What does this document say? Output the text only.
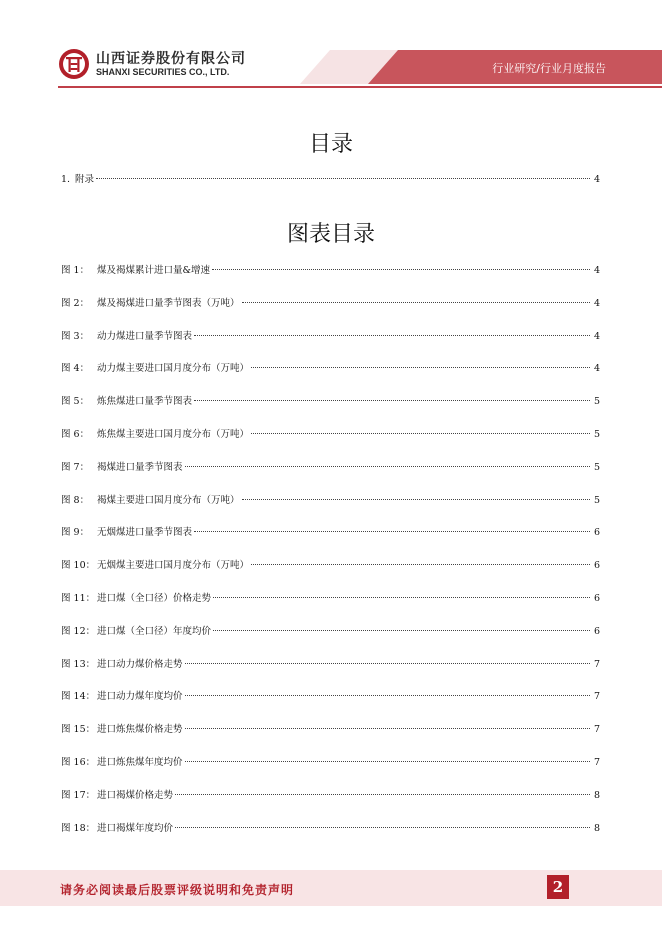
山西证券股份有限公司
SHANXI SECURITIES CO., LTD.	行业研究/行业月度报告
目录
1. 附录	4
图表目录
图 1： 煤及褐煤累计进口量&增速	4
图 2： 煤及褐煤进口量季节图表（万吨）	4
图 3： 动力煤进口量季节图表	4
图 4： 动力煤主要进口国月度分布（万吨）	4
图 5： 炼焦煤进口量季节图表	5
图 6： 炼焦煤主要进口国月度分布（万吨）	5
图 7： 褐煤进口量季节图表	5
图 8： 褐煤主要进口国月度分布（万吨）	5
图 9： 无烟煤进口量季节图表	6
图 10： 无烟煤主要进口国月度分布（万吨）	6
图 11： 进口煤（全口径）价格走势	6
图 12： 进口煤（全口径）年度均价	6
图 13： 进口动力煤价格走势	7
图 14： 进口动力煤年度均价	7
图 15： 进口炼焦煤价格走势	7
图 16： 进口炼焦煤年度均价	7
图 17： 进口褐煤价格走势	8
图 18： 进口褐煤年度均价	8
请务必阅读最后股票评级说明和免责声明	2
